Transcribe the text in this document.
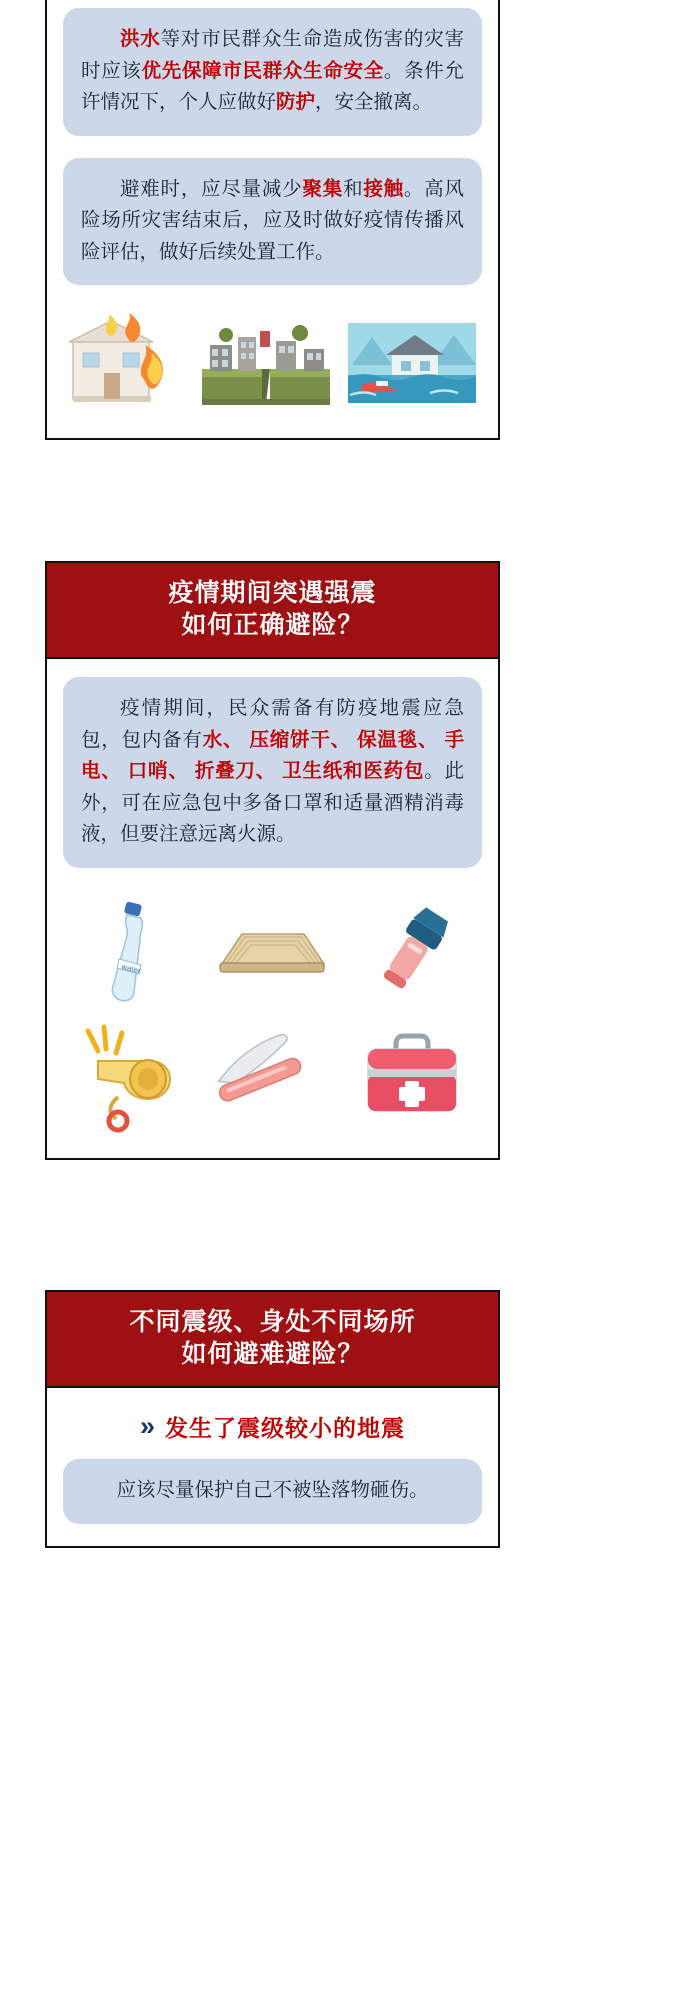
洪水等对市民群众生命造成伤害的灾害时应该优先保障市民群众生命安全。条件允许情况下，个人应做好防护，安全撤离。

避难时，应尽量减少聚集和接触。高风险场所灾害结束后，应及时做好疫情传播风险评估，做好后续处置工作。

疫情期间突遇强震
如何正确避险？

疫情期间，民众需备有防疫地震应急包，包内备有水、 压缩饼干、 保温毯、 手电、 口哨、 折叠刀、 卫生纸和医药包。此外，可在应急包中多备口罩和适量酒精消毒液，但要注意远离火源。

water
不同震级、身处不同场所
如何避难避险？
» 发生了震级较小的地震

应该尽量保护自己不被坠落物砸伤。
